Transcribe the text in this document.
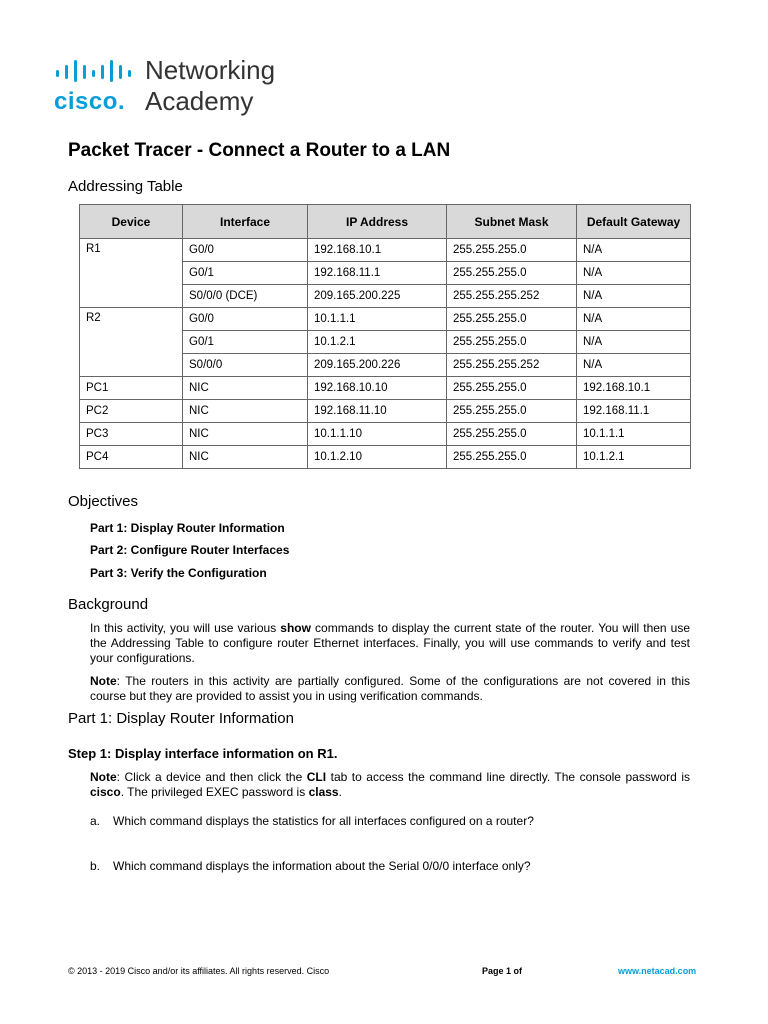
cisco.
Networking
Academy
Packet Tracer - Connect a Router to a LAN
Addressing Table
Device	Interface	IP Address	Subnet Mask	Default Gateway
R1	G0/0	192.168.10.1	255.255.255.0	N/A
	G0/1	192.168.11.1	255.255.255.0	N/A
	S0/0/0 (DCE)	209.165.200.225	255.255.255.252	N/A
R2	G0/0	10.1.1.1	255.255.255.0	N/A
	G0/1	10.1.2.1	255.255.255.0	N/A
	S0/0/0	209.165.200.226	255.255.255.252	N/A
PC1	NIC	192.168.10.10	255.255.255.0	192.168.10.1
PC2	NIC	192.168.11.10	255.255.255.0	192.168.11.1
PC3	NIC	10.1.1.10	255.255.255.0	10.1.1.1
PC4	NIC	10.1.2.10	255.255.255.0	10.1.2.1
Objectives
Part 1: Display Router Information
Part 2: Configure Router Interfaces
Part 3: Verify the Configuration
Background
In this activity, you will use various show commands to display the current state of the router. You will then use the Addressing Table to configure router Ethernet interfaces. Finally, you will use commands to verify and test your configurations.
Note: The routers in this activity are partially configured. Some of the configurations are not covered in this course but they are provided to assist you in using verification commands.
Part 1: Display Router Information
Step 1: Display interface information on R1.
Note: Click a device and then click the CLI tab to access the command line directly. The console password is cisco. The privileged EXEC password is class.
a. Which command displays the statistics for all interfaces configured on a router?
b. Which command displays the information about the Serial 0/0/0 interface only?
© 2013 - 2019 Cisco and/or its affiliates. All rights reserved. Cisco	Page 1 of	www.netacad.com
